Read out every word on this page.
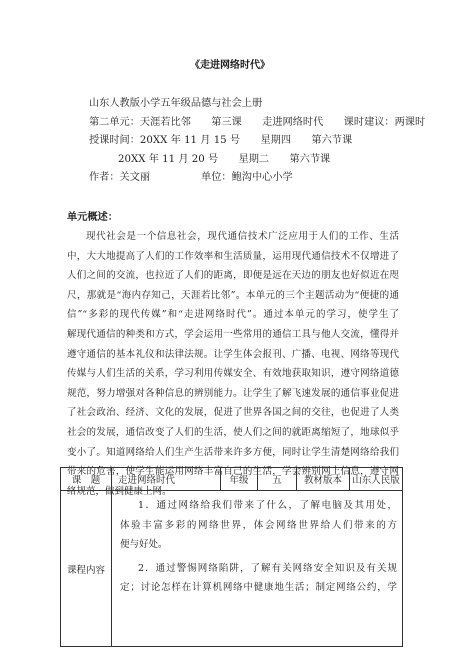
《走进网络时代》
山东人教版小学五年级品德与社会上册
第二单元：天涯若比邻　　第三课　　走进网络时代　　课时建议：两课时
授课时间：20XX 年 11 月 15 号　　星期四　　第六节课
20XX 年 11 月 20 号　　星期二　　第六节课
作者：关文丽　　　　　单位：鲍沟中心小学
单元概述：
现代社会是一个信息社会，现代通信技术广泛应用于人们的工作、生活
中，大大地提高了人们的工作效率和生活质量，运用现代通信技术不仅增进了
人们之间的交流，也拉近了人们的距离，即便是远在天边的朋友也好似近在咫
尺，那就是“海内存知己，天涯若比邻”。本单元的三个主题活动为“便捷的通
信”“多彩的现代传媒”和“走进网络时代”。通过本单元的学习，使学生了
解现代通信的种类和方式，学会运用一些常用的通信工具与他人交流，懂得并
遵守通信的基本礼仪和法律法规。让学生体会报刊、广播、电视、网络等现代
传媒与人们生活的关系，学习利用传媒安全、有效地获取知识，遵守网络道德
规范，努力增强对各种信息的辨别能力。让学生了解飞速发展的通信事业促进
了社会政治、经济、文化的发展，促进了世界各国之间的交往，也促进了人类
社会的发展，通信改变了人们的生活，使人们之间的就距离缩短了，地球似乎
变小了。知道网络给人们生产生活带来许多方便，同时让学生清楚网络给我们
带来的危害，使学生能运用网络丰富自己的生活，学会辨别网上信息，遵守网
络规范，做到健康上网。
课　题	走进网络时代	年级	五	教材版本	山东人民版
课程内容	1．通过网络给我们带来了什么，了解电脑及其用处，
体验丰富多彩的网络世界，体会网络世界给人们带来的方
便与好处。
2．通过警惕网络陷阱，了解有关网络安全知识及有关规
定；讨论怎样在计算机网络中健康地生活；制定网络公约，学				
